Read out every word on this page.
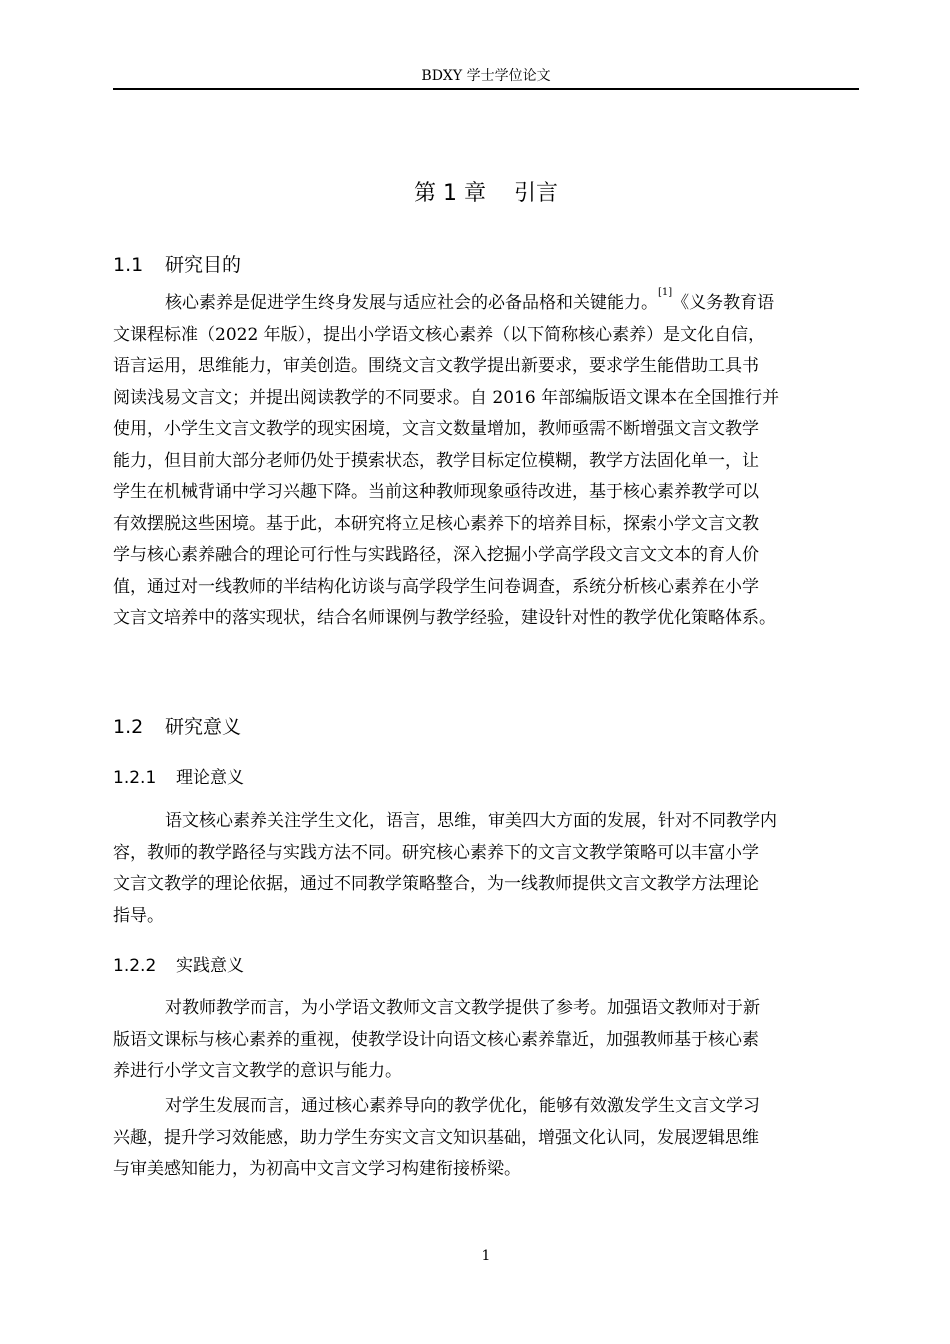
BDXY 学士学位论文
第 1 章    引言
1.1 研究目的
核心素养是促进学生终身发展与适应社会的必备品格和关键能力。[1]《义务教育语
文课程标准（2022 年版），提出小学语文核心素养（以下简称核心素养）是文化自信，
语言运用，思维能力，审美创造。围绕文言文教学提出新要求，要求学生能借助工具书
阅读浅易文言文；并提出阅读教学的不同要求。自 2016 年部编版语文课本在全国推行并
使用，小学生文言文教学的现实困境，文言文数量增加，教师亟需不断增强文言文教学
能力，但目前大部分老师仍处于摸索状态，教学目标定位模糊，教学方法固化单一，让
学生在机械背诵中学习兴趣下降。当前这种教师现象亟待改进，基于核心素养教学可以
有效摆脱这些困境。基于此，本研究将立足核心素养下的培养目标，探索小学文言文教
学与核心素养融合的理论可行性与实践路径，深入挖掘小学高学段文言文文本的育人价
值，通过对一线教师的半结构化访谈与高学段学生问卷调查，系统分析核心素养在小学
文言文培养中的落实现状，结合名师课例与教学经验，建设针对性的教学优化策略体系。
1.2 研究意义
1.2.1 理论意义
语文核心素养关注学生文化，语言，思维，审美四大方面的发展，针对不同教学内
容，教师的教学路径与实践方法不同。研究核心素养下的文言文教学策略可以丰富小学
文言文教学的理论依据，通过不同教学策略整合，为一线教师提供文言文教学方法理论
指导。
1.2.2 实践意义
对教师教学而言，为小学语文教师文言文教学提供了参考。加强语文教师对于新
版语文课标与核心素养的重视，使教学设计向语文核心素养靠近，加强教师基于核心素
养进行小学文言文教学的意识与能力。
对学生发展而言，通过核心素养导向的教学优化，能够有效激发学生文言文学习
兴趣，提升学习效能感，助力学生夯实文言文知识基础，增强文化认同，发展逻辑思维
与审美感知能力，为初高中文言文学习构建衔接桥梁。
1
